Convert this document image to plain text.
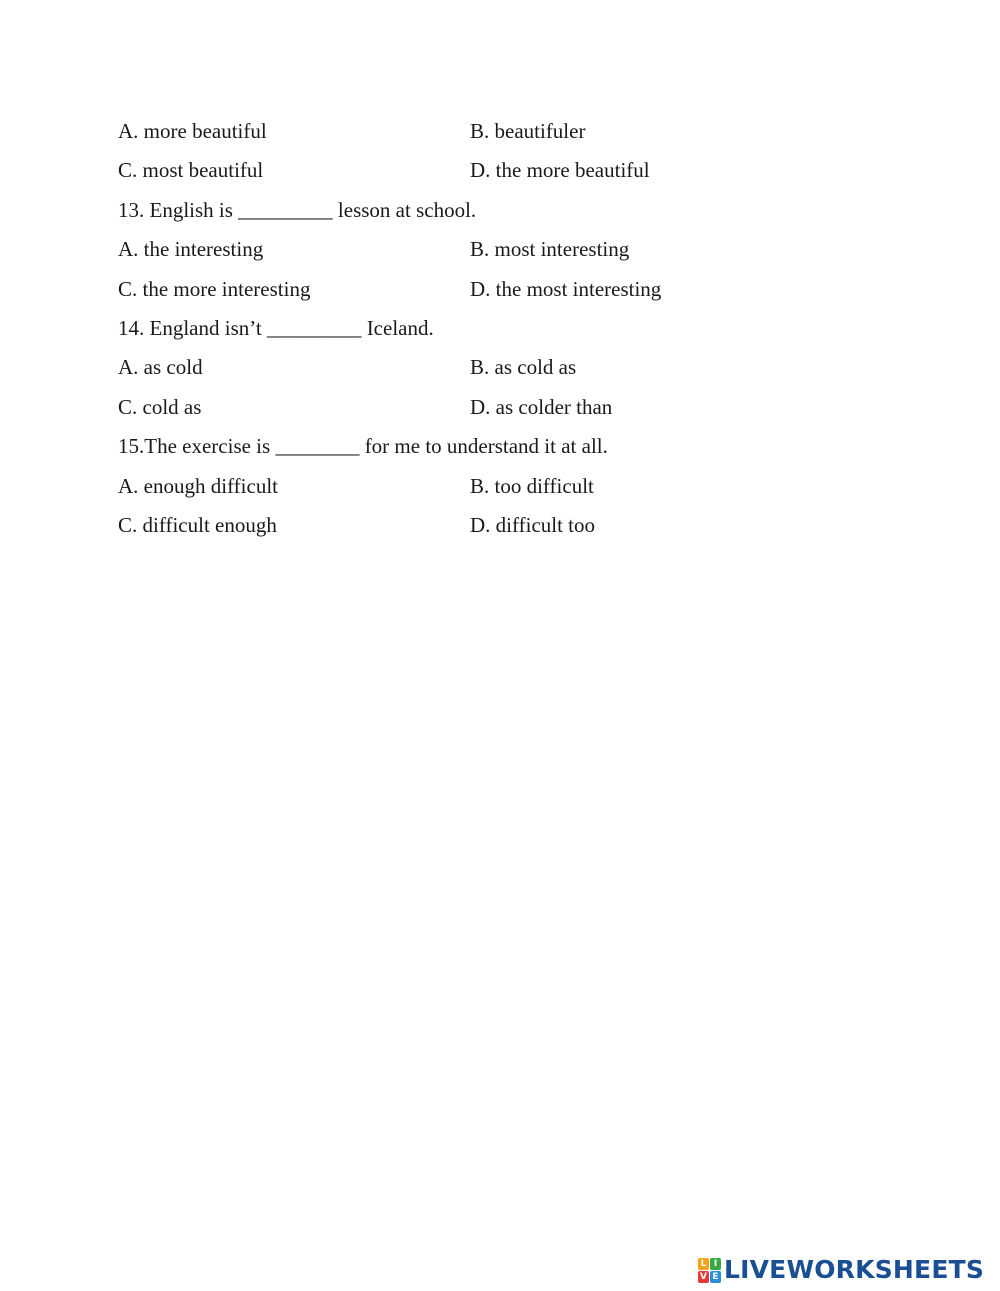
A. more beautiful	B. beautifuler
C. most beautiful	D. the more beautiful
13. English is _________ lesson at school.
A. the interesting	B. most interesting
C. the more interesting	D. the most interesting
14. England isn’t _________ Iceland.
A. as cold	B. as cold as
C. cold as	D. as colder than
15.The exercise is ________ for me to understand it at all.
A. enough difficult	B. too difficult
C. difficult enough	D. difficult too
L I
V E LIVEWORKSHEETS
